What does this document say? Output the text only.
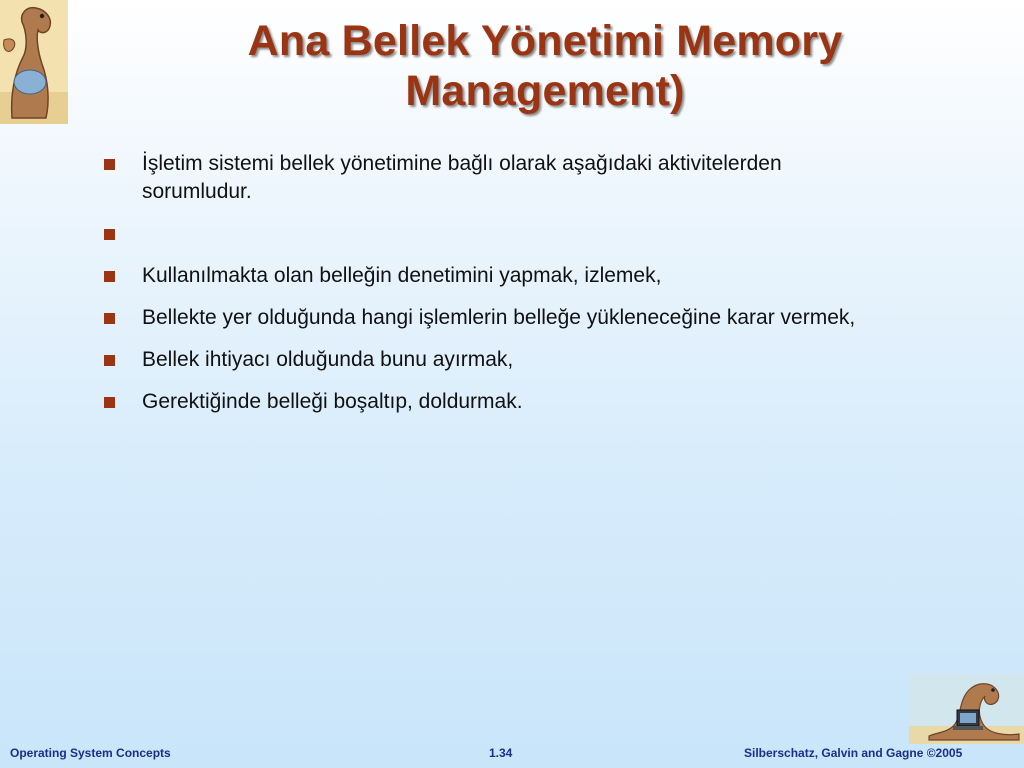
Ana Bellek Yönetimi Memory
Management)
İşletim sistemi bellek yönetimine bağlı olarak aşağıdaki aktivitelerden sorumludur.
Kullanılmakta olan belleğin denetimini yapmak, izlemek,
Bellekte yer olduğunda hangi işlemlerin belleğe yükleneceğine karar vermek,
Bellek ihtiyacı olduğunda bunu ayırmak,
Gerektiğinde belleği boşaltıp, doldurmak.
Operating System Concepts	1.34	Silberschatz, Galvin and Gagne ©2005
